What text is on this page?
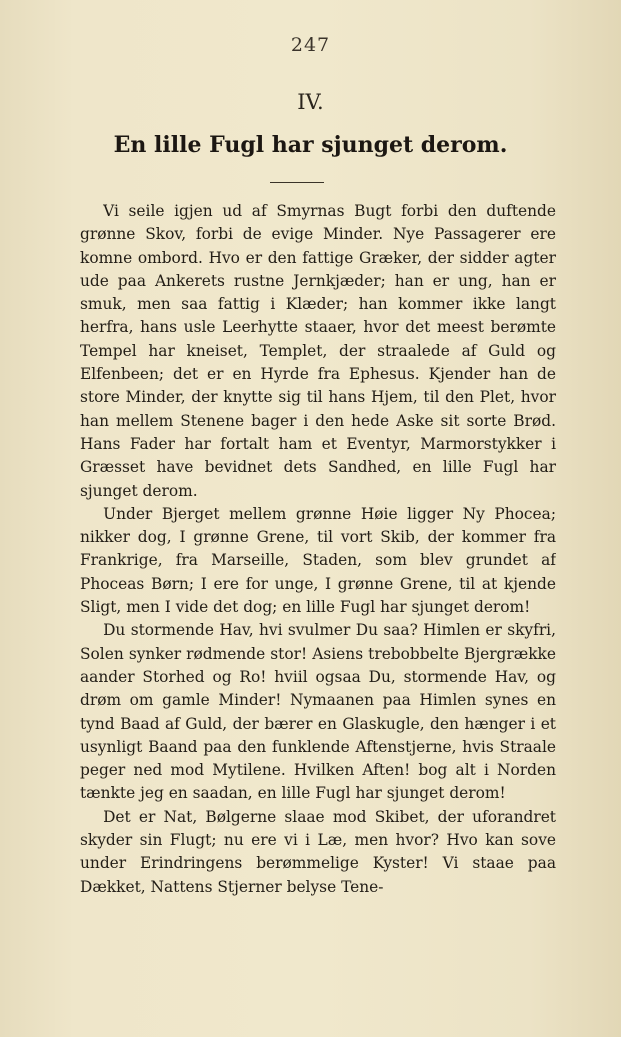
247
IV.
En lille Fugl har sjunget derom.

Vi seile igjen ud af Smyrnas Bugt forbi den duftende grønne Skov, forbi de evige Minder. Nye Passagerer ere komne ombord. Hvo er den fattige Græker, der sidder agter ude paa Ankerets rustne Jernkjæder; han er ung, han er smuk, men saa fattig i Klæder; han kommer ikke langt herfra, hans usle Leerhytte staaer, hvor det meest berømte Tempel har kneiset, Templet, der straalede af Guld og Elfenbeen; det er en Hyrde fra Ephesus. Kjender han de store Minder, der knytte sig til hans Hjem, til den Plet, hvor han mellem Stenene bager i den hede Aske sit sorte Brød. Hans Fader har fortalt ham et Eventyr, Marmorstykker i Græsset have bevidnet dets Sandhed, en lille Fugl har sjunget derom.

Under Bjerget mellem grønne Høie ligger Ny Phocea; nikker dog, I grønne Grene, til vort Skib, der kommer fra Frankrige, fra Marseille, Staden, som blev grundet af Phoceas Børn; I ere for unge, I grønne Grene, til at kjende Sligt, men I vide det dog; en lille Fugl har sjunget derom!

Du stormende Hav, hvi svulmer Du saa? Himlen er skyfri, Solen synker rødmende stor! Asiens trebobbelte Bjergrække aander Storhed og Ro! hviil ogsaa Du, stormende Hav, og drøm om gamle Minder! Nymaanen paa Himlen synes en tynd Baad af Guld, der bærer en Glaskugle, den hænger i et usynligt Baand paa den funklende Aftenstjerne, hvis Straale peger ned mod Mytilene. Hvilken Aften! bog alt i Norden tænkte jeg en saadan, en lille Fugl har sjunget derom!

Det er Nat, Bølgerne slaae mod Skibet, der uforandret skyder sin Flugt; nu ere vi i Læ, men hvor? Hvo kan sove under Erindringens berømmelige Kyster! Vi staae paa Dækket, Nattens Stjerner belyse Tene-
